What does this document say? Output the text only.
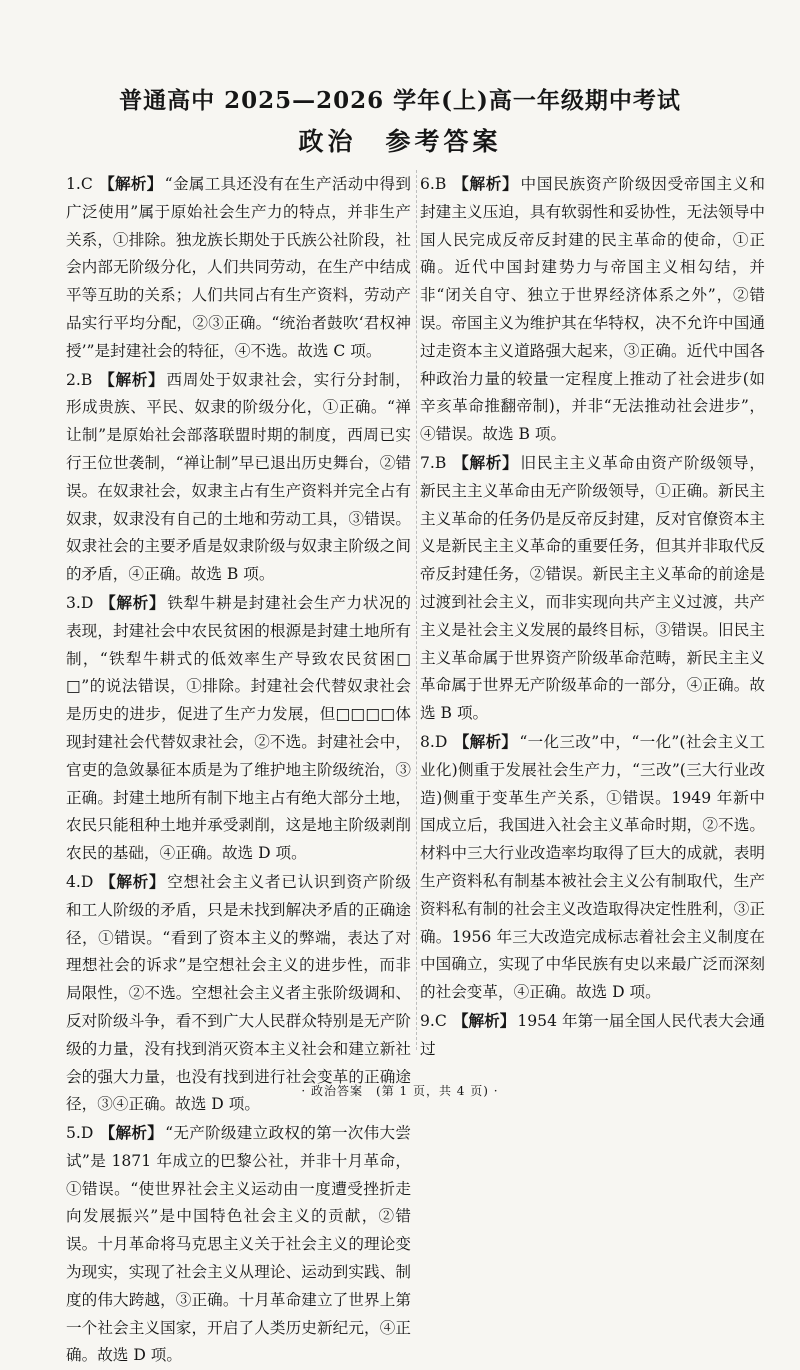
普通高中 2025—2026 学年(上)高一年级期中考试
政治　参考答案
1.C 【解析】 “金属工具还没有在生产活动中得到广泛使用”属于原始社会生产力的特点，并非生产关系，①排除。独龙族长期处于氏族公社阶段，社会内部无阶级分化，人们共同劳动，在生产中结成平等互助的关系；人们共同占有生产资料，劳动产品实行平均分配，②③正确。“统治者鼓吹‘君权神授’”是封建社会的特征，④不选。故选 C 项。
2.B 【解析】 西周处于奴隶社会，实行分封制，形成贵族、平民、奴隶的阶级分化，①正确。“禅让制”是原始社会部落联盟时期的制度，西周已实行王位世袭制，“禅让制”早已退出历史舞台，②错误。在奴隶社会，奴隶主占有生产资料并完全占有奴隶，奴隶没有自己的土地和劳动工具，③错误。奴隶社会的主要矛盾是奴隶阶级与奴隶主阶级之间的矛盾，④正确。故选 B 项。
3.D 【解析】 铁犁牛耕是封建社会生产力状况的表现，封建社会中农民贫困的根源是封建土地所有制，“铁犁牛耕式的低效率生产导致农民贫困□□”的说法错误，①排除。封建社会代替奴隶社会是历史的进步，促进了生产力发展，但□□□□体现封建社会代替奴隶社会，②不选。封建社会中，官吏的急敛暴征本质是为了维护地主阶级统治，③正确。封建土地所有制下地主占有绝大部分土地，农民只能租种土地并承受剥削，这是地主阶级剥削农民的基础，④正确。故选 D 项。
4.D 【解析】 空想社会主义者已认识到资产阶级和工人阶级的矛盾，只是未找到解决矛盾的正确途径，①错误。“看到了资本主义的弊端，表达了对理想社会的诉求”是空想社会主义的进步性，而非局限性，②不选。空想社会主义者主张阶级调和、反对阶级斗争，看不到广大人民群众特别是无产阶级的力量，没有找到消灭资本主义社会和建立新社会的强大力量，也没有找到进行社会变革的正确途径，③④正确。故选 D 项。
5.D 【解析】 “无产阶级建立政权的第一次伟大尝试”是 1871 年成立的巴黎公社，并非十月革命，①错误。“使世界社会主义运动由一度遭受挫折走向发展振兴”是中国特色社会主义的贡献，②错误。十月革命将马克思主义关于社会主义的理论变为现实，实现了社会主义从理论、运动到实践、制度的伟大跨越，③正确。十月革命建立了世界上第一个社会主义国家，开启了人类历史新纪元，④正确。故选 D 项。
6.B 【解析】 中国民族资产阶级因受帝国主义和封建主义压迫，具有软弱性和妥协性，无法领导中国人民完成反帝反封建的民主革命的使命，①正确。近代中国封建势力与帝国主义相勾结，并非“闭关自守、独立于世界经济体系之外”，②错误。帝国主义为维护其在华特权，决不允许中国通过走资本主义道路强大起来，③正确。近代中国各种政治力量的较量一定程度上推动了社会进步(如辛亥革命推翻帝制)，并非“无法推动社会进步”，④错误。故选 B 项。
7.B 【解析】 旧民主主义革命由资产阶级领导，新民主主义革命由无产阶级领导，①正确。新民主主义革命的任务仍是反帝反封建，反对官僚资本主义是新民主主义革命的重要任务，但其并非取代反帝反封建任务，②错误。新民主主义革命的前途是过渡到社会主义，而非实现向共产主义过渡，共产主义是社会主义发展的最终目标，③错误。旧民主主义革命属于世界资产阶级革命范畴，新民主主义革命属于世界无产阶级革命的一部分，④正确。故选 B 项。
8.D 【解析】 “一化三改”中，“一化”(社会主义工业化)侧重于发展社会生产力，“三改”(三大行业改造)侧重于变革生产关系，①错误。1949 年新中国成立后，我国进入社会主义革命时期，②不选。材料中三大行业改造率均取得了巨大的成就，表明生产资料私有制基本被社会主义公有制取代，生产资料私有制的社会主义改造取得决定性胜利，③正确。1956 年三大改造完成标志着社会主义制度在中国确立，实现了中华民族有史以来最广泛而深刻的社会变革，④正确。故选 D 项。
9.C 【解析】 1954 年第一届全国人民代表大会通过
· 政治答案　(第 1 页，共 4 页) ·
